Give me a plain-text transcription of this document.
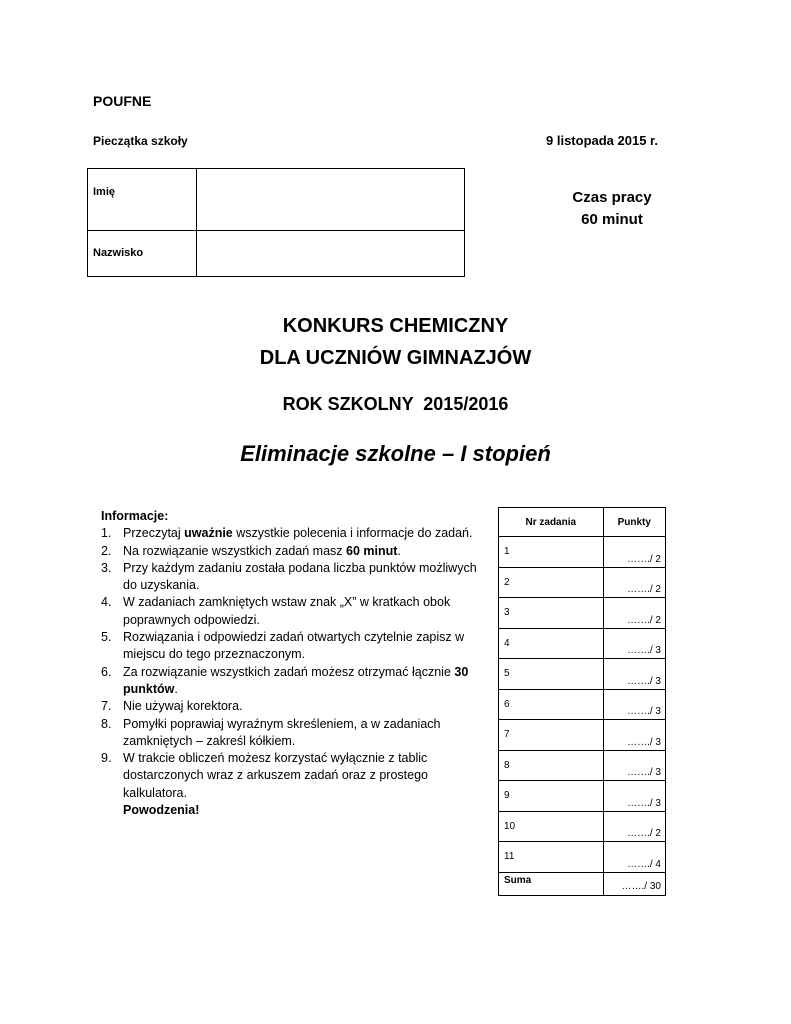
POUFNE
Pieczątka szkoły	9 listopada 2015 r.
Imię
Nazwisko
Czas pracy
60 minut
KONKURS CHEMICZNY
DLA UCZNIÓW GIMNAZJÓW
ROK SZKOLNY  2015/2016
Eliminacje szkolne – I stopień
Informacje:
1. Przeczytaj uważnie wszystkie polecenia i informacje do zadań.
2. Na rozwiązanie wszystkich zadań masz 60 minut.
3. Przy każdym zadaniu została podana liczba punktów możliwych do uzyskania.
4. W zadaniach zamkniętych wstaw znak „X” w kratkach obok poprawnych odpowiedzi.
5. Rozwiązania i odpowiedzi zadań otwartych czytelnie zapisz w miejscu do tego przeznaczonym.
6. Za rozwiązanie wszystkich zadań możesz otrzymać łącznie 30 punktów.
7. Nie używaj korektora.
8. Pomyłki poprawiaj wyraźnym skreśleniem, a w zadaniach zamkniętych – zakreśl kółkiem.
9. W trakcie obliczeń możesz korzystać wyłącznie z tablic dostarczonych wraz z arkuszem zadań oraz z prostego kalkulatora.
Powodzenia!
Nr zadania	Punkty

1	……./ 2

2	……./ 2

3	……./ 2

4	……./ 3

5	……./ 3

6	……./ 3

7	……./ 3

8	……./ 3

9	……./ 3

10	……./ 2

11	……./ 4

Suma	……./ 30
